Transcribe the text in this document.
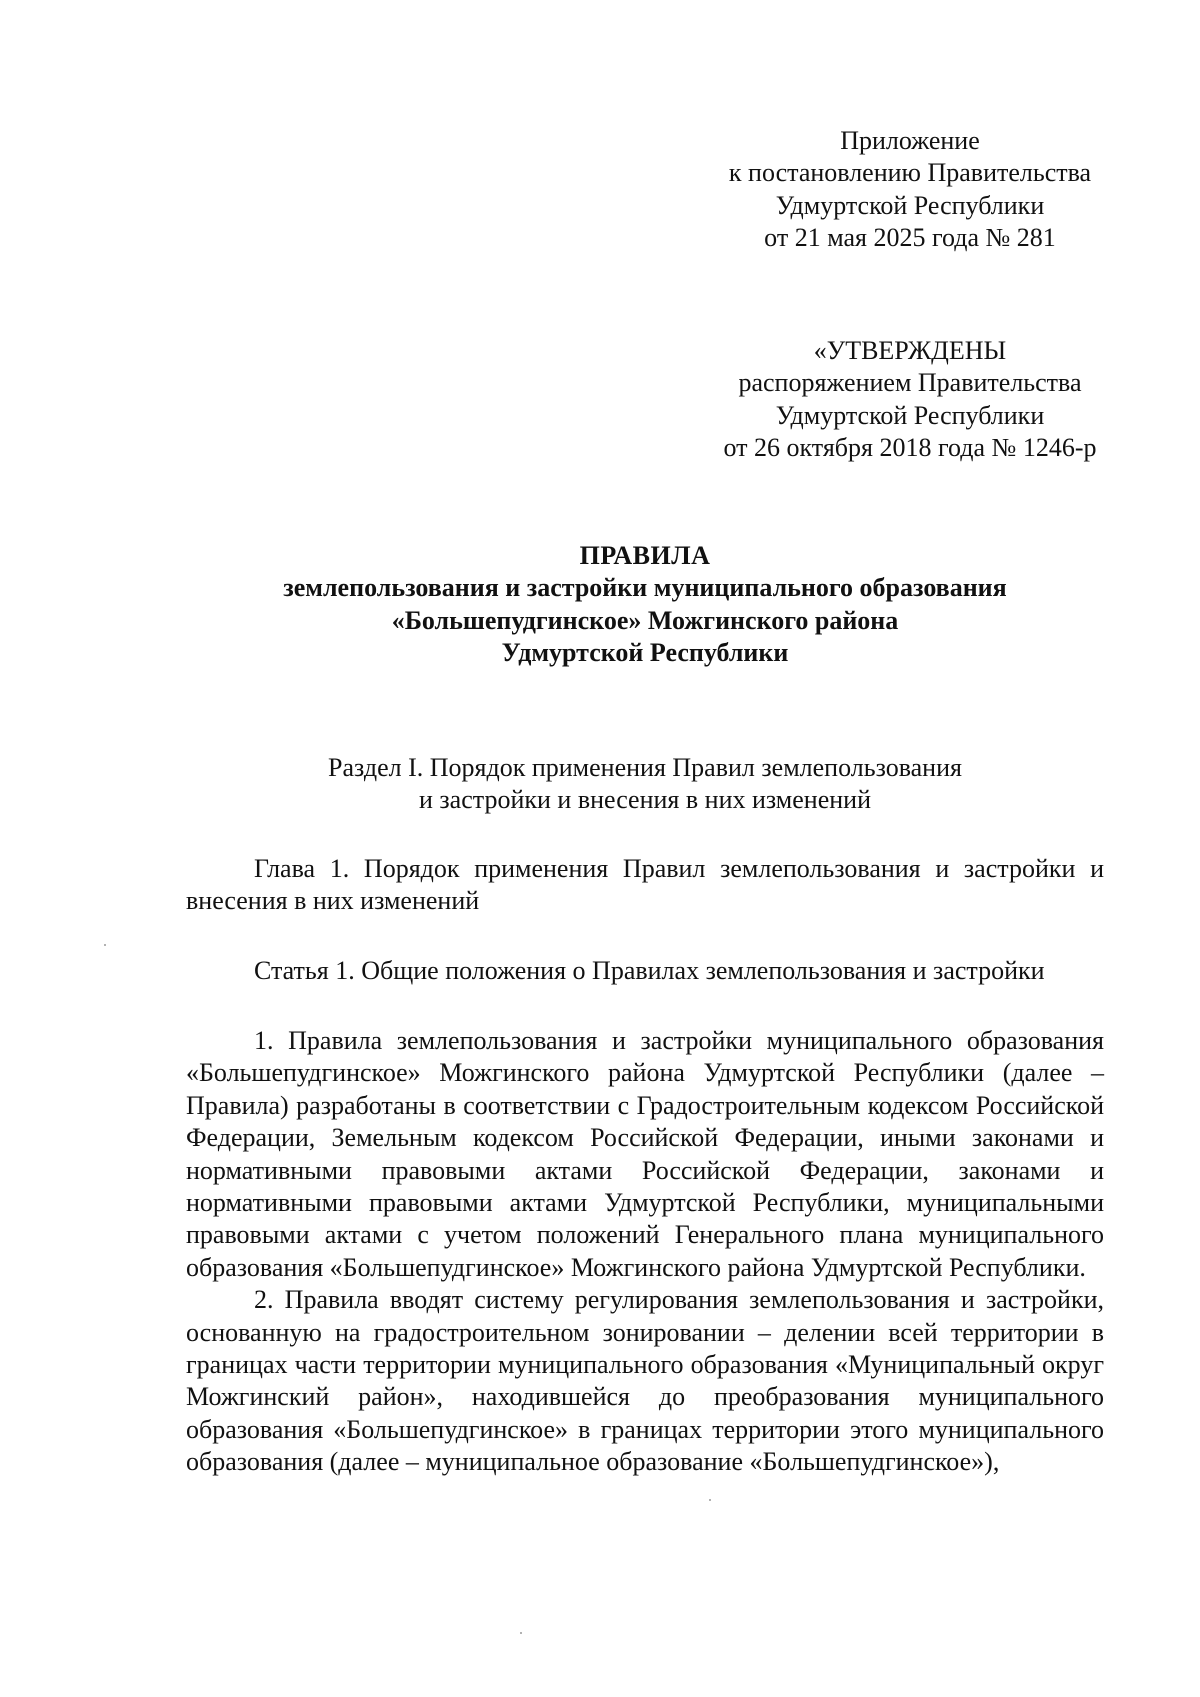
Приложение
к постановлению Правительства
Удмуртской Республики
от 21 мая 2025 года № 281
«УТВЕРЖДЕНЫ
распоряжением Правительства
Удмуртской Республики
от 26 октября 2018 года № 1246-р
ПРАВИЛА
землепользования и застройки муниципального образования
«Большепудгинское» Можгинского района
Удмуртской Республики
Раздел I. Порядок применения Правил землепользования
и застройки и внесения в них изменений
Глава 1. Порядок применения Правил землепользования и застройки и внесения в них изменений
Статья 1. Общие положения о Правилах землепользования и застройки

1. Правила землепользования и застройки муниципального образования «Большепудгинское» Можгинского района Удмуртской Республики (далее – Правила) разработаны в соответствии с Градостроительным кодексом Российской Федерации, Земельным кодексом Российской Федерации, иными законами и нормативными правовыми актами Российской Федерации, законами и нормативными правовыми актами Удмуртской Республики, муниципальными правовыми актами с учетом положений Генерального плана муниципального образования «Большепудгинское» Можгинского района Удмуртской Республики.

2. Правила вводят систему регулирования землепользования и застройки, основанную на градостроительном зонировании – делении всей территории в границах части территории муниципального образования «Муниципальный округ Можгинский район», находившейся до преобразования муниципального образования «Большепудгинское» в границах территории этого муниципального образования (далее – муниципальное образование «Большепудгинское»),
